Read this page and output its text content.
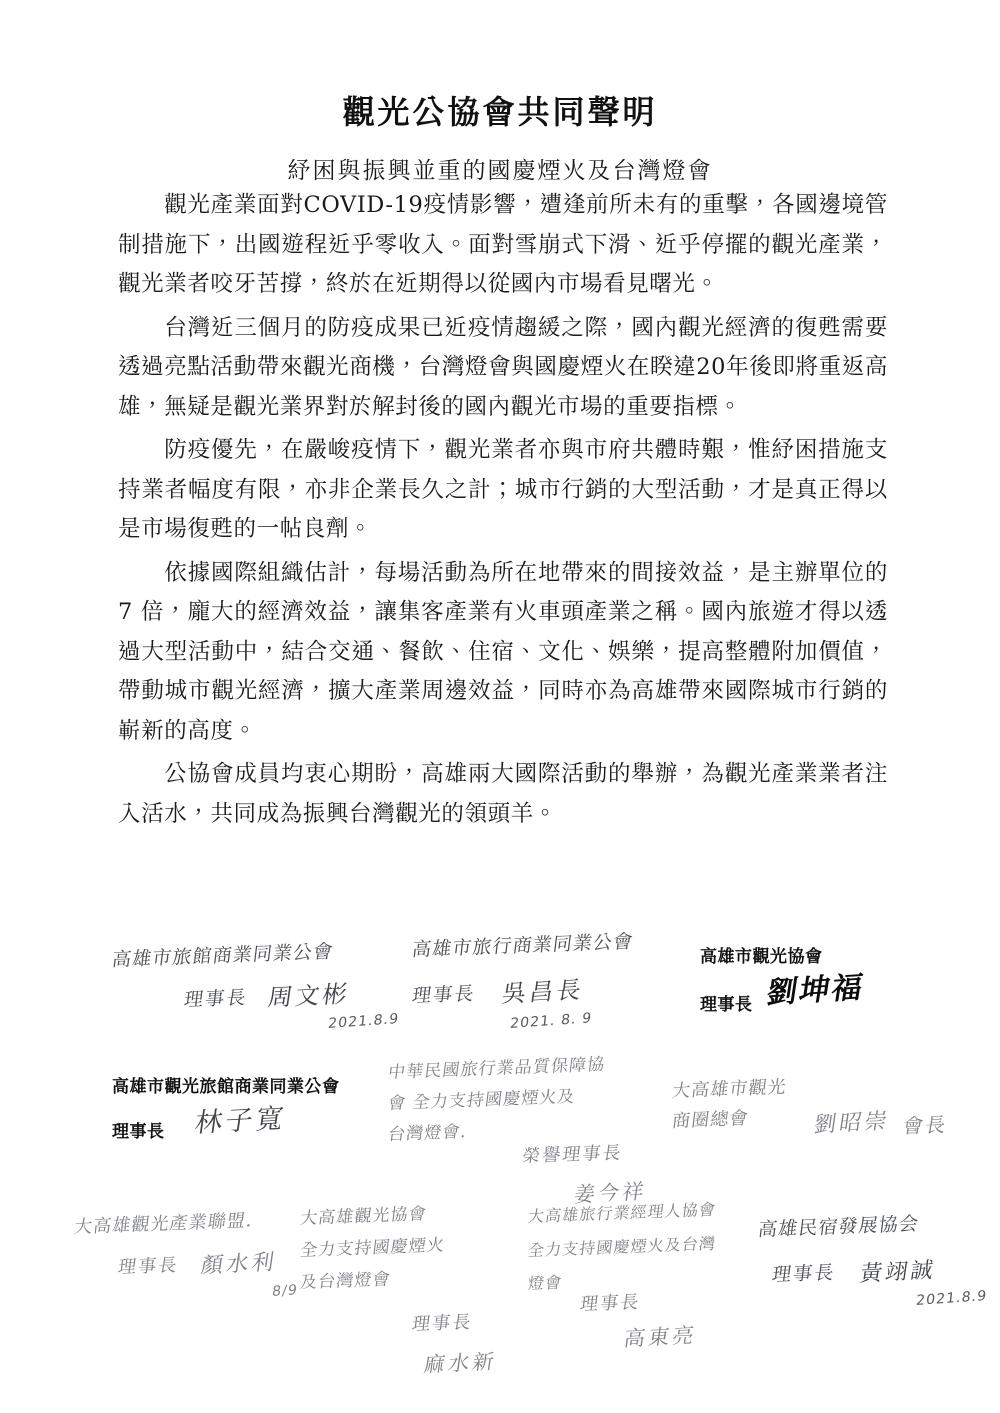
觀光公協會共同聲明
紓困與振興並重的國慶煙火及台灣燈會

觀光產業面對COVID-19疫情影響，遭逢前所未有的重擊，各國邊境管制措施下，出國遊程近乎零收入。面對雪崩式下滑、近乎停擺的觀光產業，觀光業者咬牙苦撐，終於在近期得以從國內市場看見曙光。

台灣近三個月的防疫成果已近疫情趨緩之際，國內觀光經濟的復甦需要透過亮點活動帶來觀光商機，台灣燈會與國慶煙火在睽違20年後即將重返高雄，無疑是觀光業界對於解封後的國內觀光市場的重要指標。

防疫優先，在嚴峻疫情下，觀光業者亦與市府共體時艱，惟紓困措施支持業者幅度有限，亦非企業長久之計；城市行銷的大型活動，才是真正得以是市場復甦的一帖良劑。

依據國際組織估計，每場活動為所在地帶來的間接效益，是主辦單位的7 倍，龐大的經濟效益，讓集客產業有火車頭產業之稱。國內旅遊才得以透過大型活動中，結合交通、餐飲、住宿、文化、娛樂，提高整體附加價值，帶動城市觀光經濟，擴大產業周邊效益，同時亦為高雄帶來國際城市行銷的嶄新的高度。

公協會成員均衷心期盼，高雄兩大國際活動的舉辦，為觀光產業業者注入活水，共同成為振興台灣觀光的領頭羊。

高雄市旅館商業同業公會
理事長 周文彬
2021.8.9
高雄市旅行商業同業公會
理事長 吳昌長
2021. 8. 9
高雄市觀光協會
理事長 劉坤福
高雄市觀光旅館商業同業公會
理事長 林子寬
中華民國旅行業品質保障協
會 全力支持國慶煙火及
台灣燈會.
榮譽理事長
姜今祥
大高雄市觀光
商圈總會	劉昭崇 會長
大高雄觀光產業聯盟.
理事長 顏水利
8/9
大高雄觀光協會
全力支持國慶煙火
及台灣燈會
理事長
麻水新
大高雄旅行業經理人協會
全力支持國慶煙火及台灣
燈會
理事長
高東亮
高雄民宿發展協会
理事長 黃翊誠
2021.8.9
